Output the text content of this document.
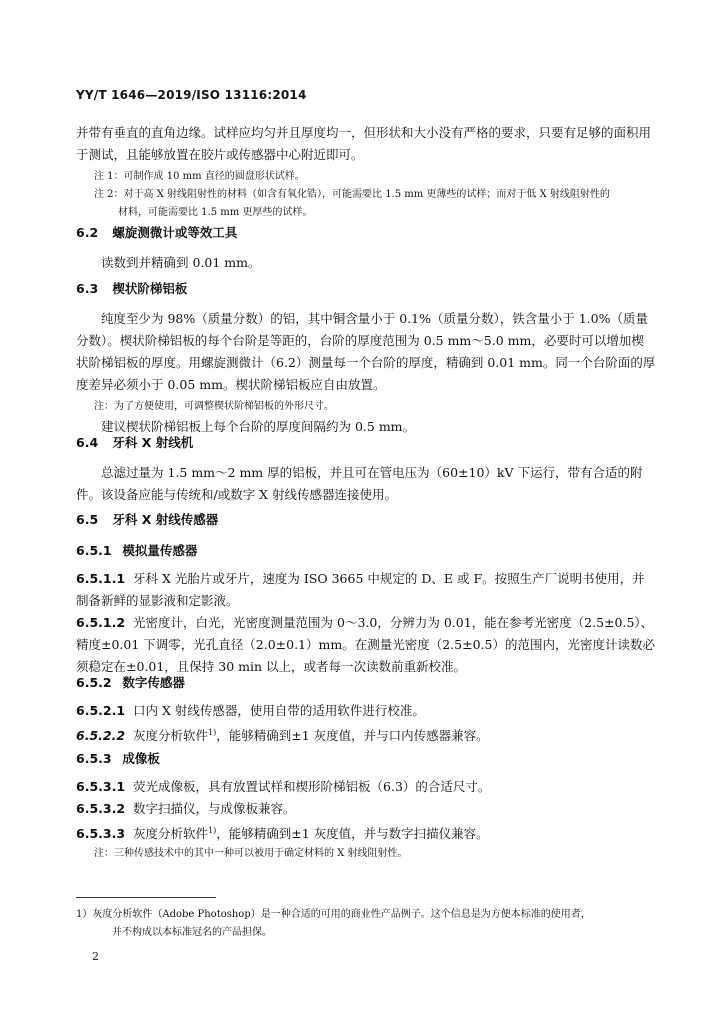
YY/T 1646—2019/ISO 13116:2014

并带有垂直的直角边缘。试样应均匀并且厚度均一，但形状和大小没有严格的要求，只要有足够的面积用于测试，且能够放置在胶片或传感器中心附近即可。

注 1：可制作成 10 mm 直径的圆盘形状试样。

注 2：对于高 X 射线阻射性的材料（如含有氧化锆），可能需要比 1.5 mm 更薄些的试样；而对于低 X 射线阻射性的
材料，可能需要比 1.5 mm 更厚些的试样。

6.2 螺旋测微计或等效工具

读数到并精确到 0.01 mm。

6.3 楔状阶梯铝板

纯度至少为 98%（质量分数）的铝，其中铜含量小于 0.1%（质量分数），铁含量小于 1.0%（质量分数）。楔状阶梯铝板的每个台阶是等距的，台阶的厚度范围为 0.5 mm～5.0 mm，必要时可以增加楔状阶梯铝板的厚度。用螺旋测微计（6.2）测量每一个台阶的厚度，精确到 0.01 mm。同一个台阶面的厚度差异必须小于 0.05 mm。楔状阶梯铝板应自由放置。

注：为了方便使用，可调整楔状阶梯铝板的外形尺寸。

建议楔状阶梯铝板上每个台阶的厚度间隔约为 0.5 mm。

6.4 牙科 X 射线机

总滤过量为 1.5 mm～2 mm 厚的铝板，并且可在管电压为（60±10）kV 下运行，带有合适的附件。该设备应能与传统和/或数字 X 射线传感器连接使用。

6.5 牙科 X 射线传感器

6.5.1 模拟量传感器

6.5.1.1 牙科 X 光胎片或牙片，速度为 ISO 3665 中规定的 D、E 或 F。按照生产厂说明书使用，并制备新鲜的显影液和定影液。

6.5.1.2 光密度计，白光，光密度测量范围为 0～3.0，分辨力为 0.01，能在参考光密度（2.5±0.5）、精度±0.01 下调零，光孔直径（2.0±0.1）mm。在测量光密度（2.5±0.5）的范围内，光密度计读数必须稳定在±0.01，且保持 30 min 以上，或者每一次读数前重新校准。

6.5.2 数字传感器

6.5.2.1 口内 X 射线传感器，使用自带的适用软件进行校准。

6.5.2.2 灰度分析软件$^{1)}$，能够精确到±1 灰度值，并与口内传感器兼容。

6.5.3 成像板

6.5.3.1 荧光成像板，具有放置试样和楔形阶梯铝板（6.3）的合适尺寸。

6.5.3.2 数字扫描仪，与成像板兼容。

6.5.3.3 灰度分析软件$^{1)}$，能够精确到±1 灰度值，并与数字扫描仪兼容。

注：三种传感技术中的其中一种可以被用于确定材料的 X 射线阻射性。

1）灰度分析软件（Adobe Photoshop）是一种合适的可用的商业性产品例子。这个信息是为方便本标准的使用者，
并不构成以本标准冠名的产品担保。
2
